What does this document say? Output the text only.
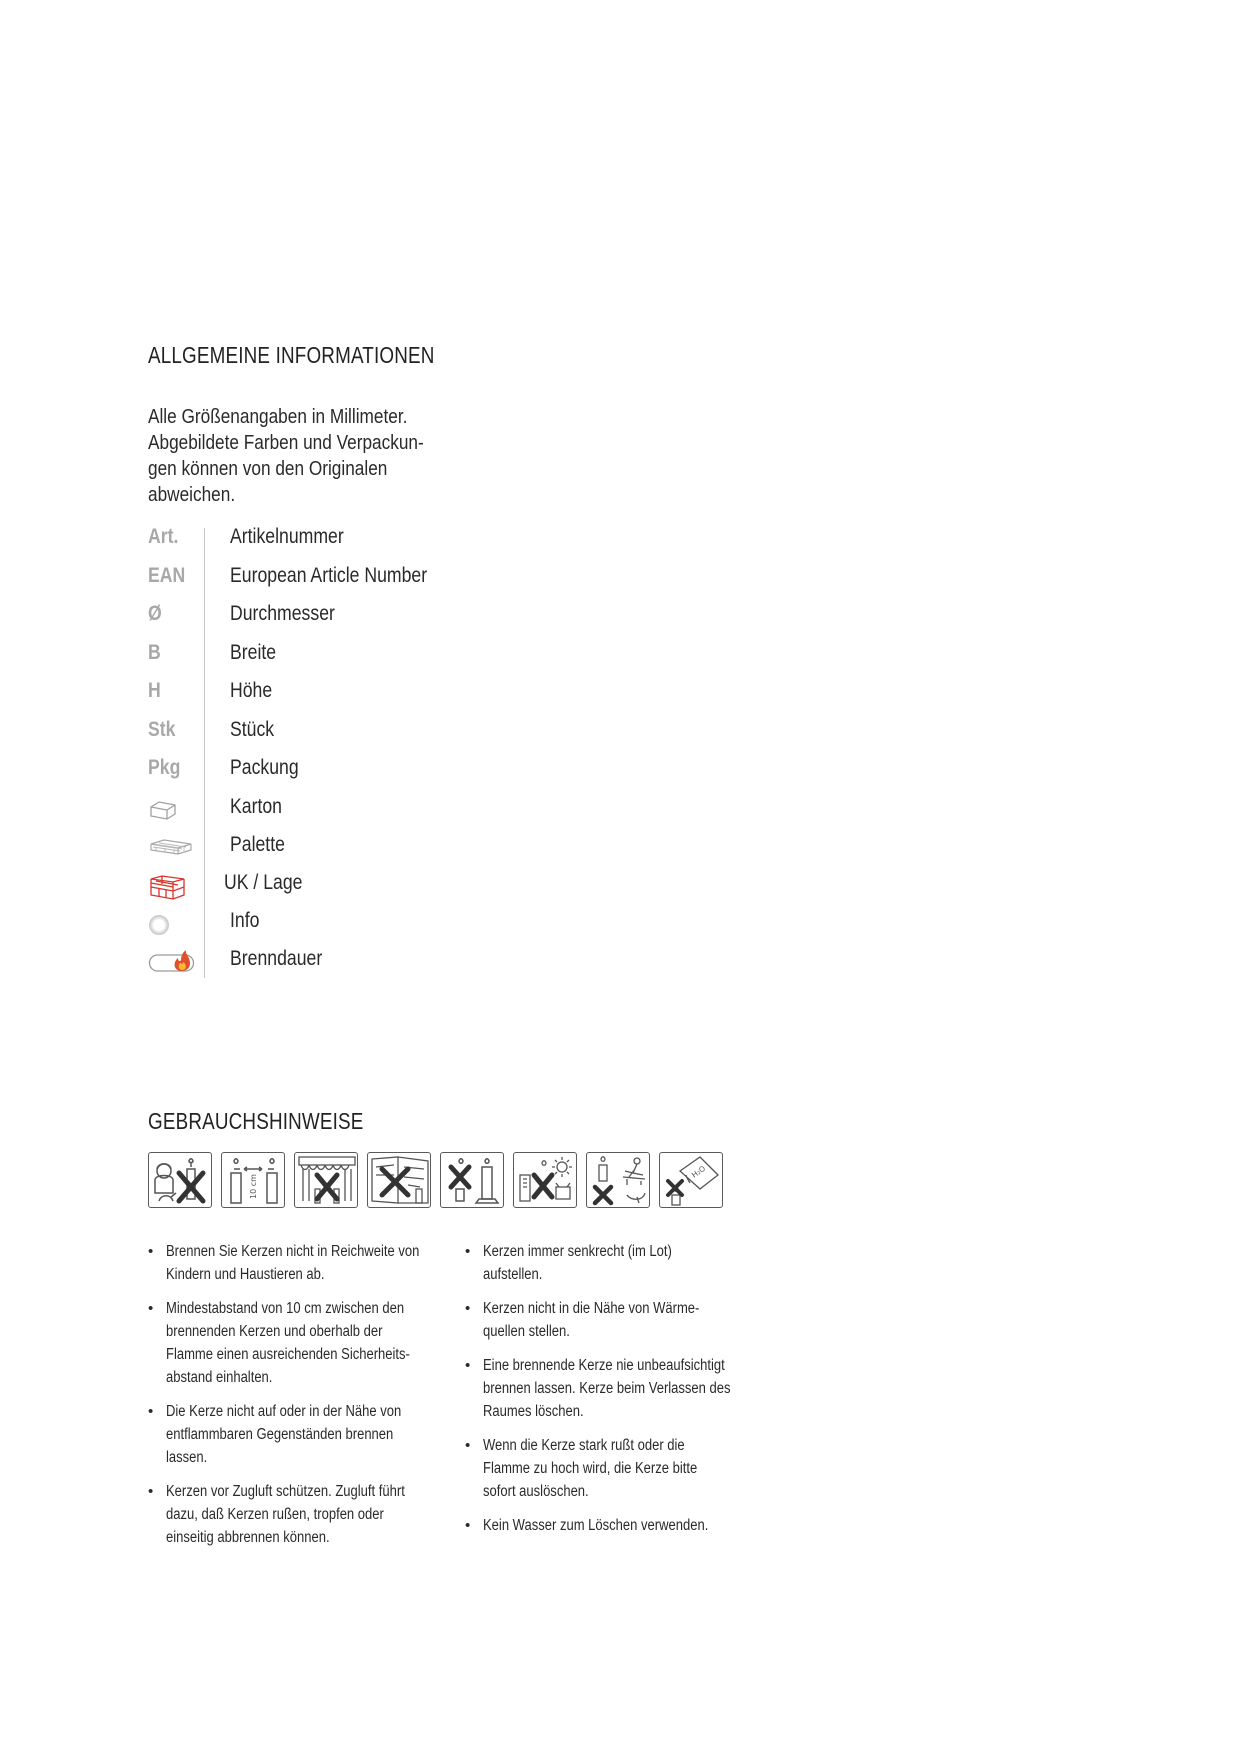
ALLGEMEINE INFORMATIONEN
Alle Größenangaben in Millimeter.
Abgebildete Farben und Verpackun-
gen können von den Originalen
abweichen.
Art. Artikelnummer
EAN European Article Number
Ø	Durchmesser
B	Breite
H	Höhe
Stk	Stück
Pkg Packung
Karton
Palette
UK / Lage
Info
Brenndauer
GEBRAUCHSHINWEISE
10 cm
H₂O
• Brennen Sie Kerzen nicht in Reichweite von
Kindern und Haustieren ab.
• Mindestabstand von 10 cm zwischen den
brennenden Kerzen und oberhalb der
Flamme einen ausreichenden Sicherheits-
abstand einhalten.
• Die Kerze nicht auf oder in der Nähe von
entflammbaren Gegenständen brennen
lassen.
• Kerzen vor Zugluft schützen. Zugluft führt
dazu, daß Kerzen rußen, tropfen oder
einseitig abbrennen können.
• Kerzen immer senkrecht (im Lot)
aufstellen.
• Kerzen nicht in die Nähe von Wärme-
quellen stellen.
• Eine brennende Kerze nie unbeaufsichtigt
brennen lassen. Kerze beim Verlassen des
Raumes löschen.
• Wenn die Kerze stark rußt oder die
Flamme zu hoch wird, die Kerze bitte
sofort auslöschen.
• Kein Wasser zum Löschen verwenden.
